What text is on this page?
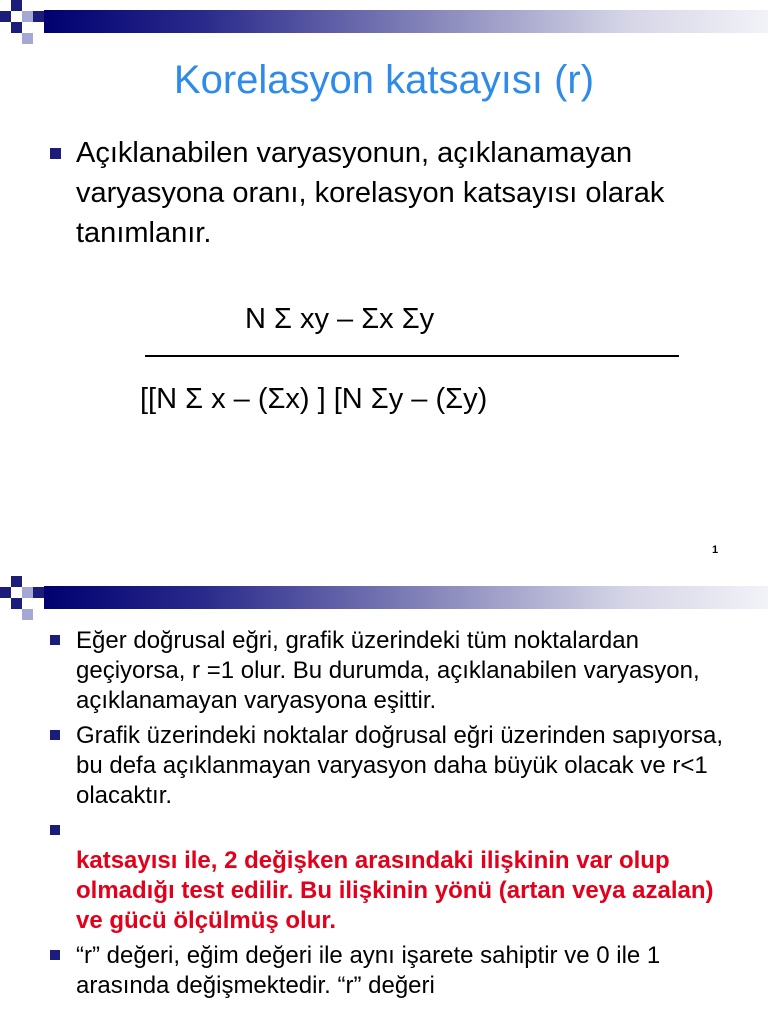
Korelasyon katsayısı (r)
Açıklanabilen varyasyonun, açıklanamayan varyasyona oranı, korelasyon katsayısı olarak tanımlanır.
N Σ xy – Σx Σy
[[N Σ x – (Σx) ] [N Σy – (Σy)
1
Eğer doğrusal eğri, grafik üzerindeki tüm noktalardan geçiyorsa, r =1 olur. Bu durumda, açıklanabilen varyasyon, açıklanamayan varyasyona eşittir.
Grafik üzerindeki noktalar doğrusal eğri üzerinden sapıyorsa, bu defa açıklanmayan varyasyon daha büyük olacak ve r<1 olacaktır.
katsayısı ile, 2 değişken arasındaki ilişkinin var olup olmadığı test edilir. Bu ilişkinin yönü (artan veya azalan) ve gücü ölçülmüş olur.
“r” değeri, eğim değeri ile aynı işarete sahiptir ve 0 ile 1 arasında değişmektedir. “r” değeri
